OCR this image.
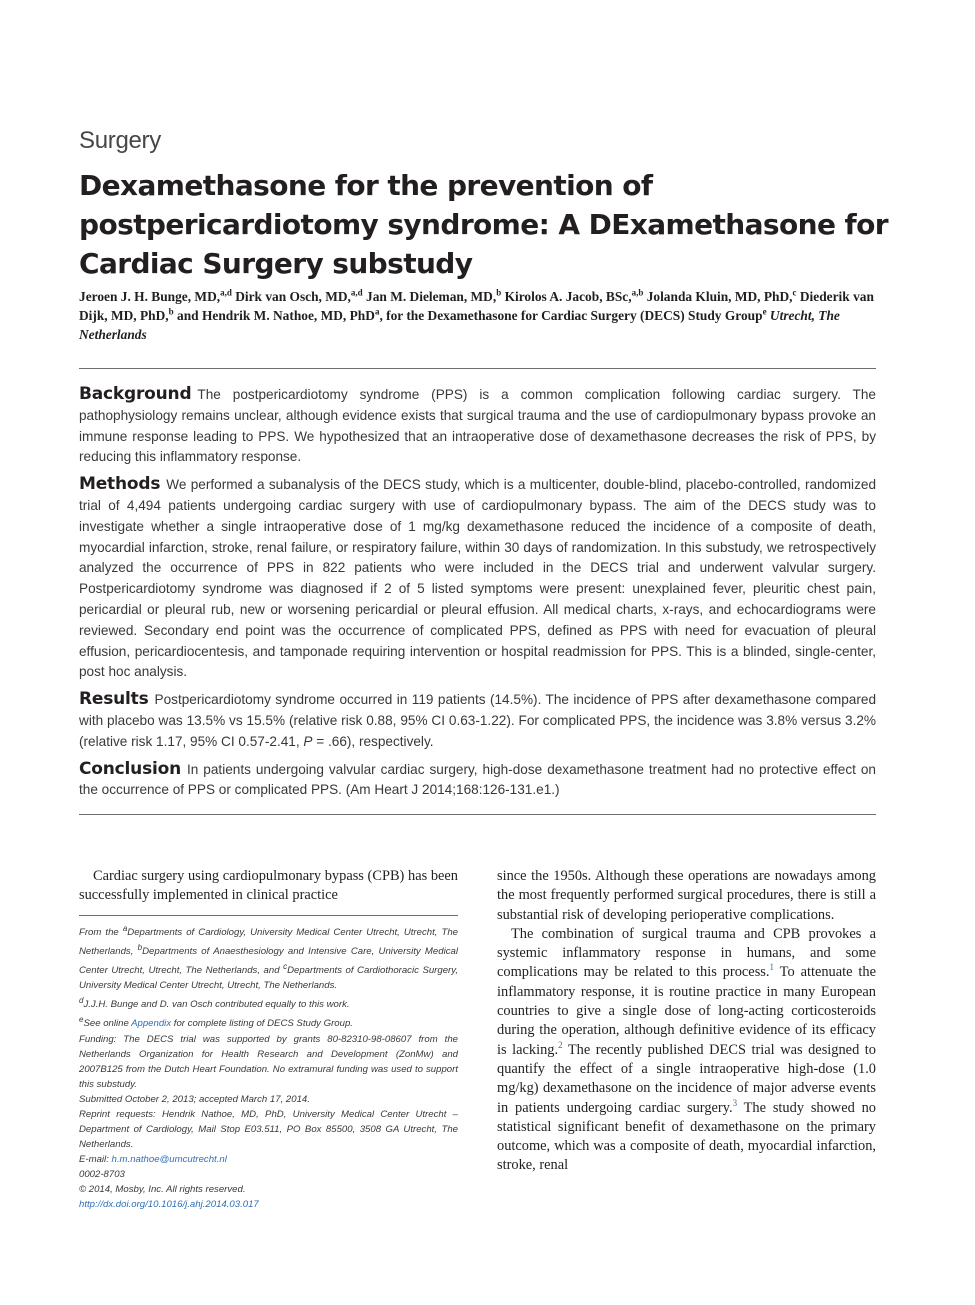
Surgery
Dexamethasone for the prevention of postpericardiotomy syndrome: A DExamethasone for Cardiac Surgery substudy
Jeroen J. H. Bunge, MD,$^{a,d}$ Dirk van Osch, MD,$^{a,d}$ Jan M. Dieleman, MD,$^b$ Kirolos A. Jacob, BSc,$^{a,b}$ Jolanda Kluin, MD, PhD,$^c$ Diederik van Dijk, MD, PhD,$^b$ and Hendrik M. Nathoe, MD, PhD$^a$, for the Dexamethasone for Cardiac Surgery (DECS) Study Group$^e$ Utrecht, The Netherlands

Background The postpericardiotomy syndrome (PPS) is a common complication following cardiac surgery. The pathophysiology remains unclear, although evidence exists that surgical trauma and the use of cardiopulmonary bypass provoke an immune response leading to PPS. We hypothesized that an intraoperative dose of dexamethasone decreases the risk of PPS, by reducing this inflammatory response.

Methods We performed a subanalysis of the DECS study, which is a multicenter, double-blind, placebo-controlled, randomized trial of 4,494 patients undergoing cardiac surgery with use of cardiopulmonary bypass. The aim of the DECS study was to investigate whether a single intraoperative dose of 1 mg/kg dexamethasone reduced the incidence of a composite of death, myocardial infarction, stroke, renal failure, or respiratory failure, within 30 days of randomization. In this substudy, we retrospectively analyzed the occurrence of PPS in 822 patients who were included in the DECS trial and underwent valvular surgery. Postpericardiotomy syndrome was diagnosed if 2 of 5 listed symptoms were present: unexplained fever, pleuritic chest pain, pericardial or pleural rub, new or worsening pericardial or pleural effusion. All medical charts, x-rays, and echocardiograms were reviewed. Secondary end point was the occurrence of complicated PPS, defined as PPS with need for evacuation of pleural effusion, pericardiocentesis, and tamponade requiring intervention or hospital readmission for PPS. This is a blinded, single-center, post hoc analysis.

Results Postpericardiotomy syndrome occurred in 119 patients (14.5%). The incidence of PPS after dexamethasone compared with placebo was 13.5% vs 15.5% (relative risk 0.88, 95% CI 0.63-1.22). For complicated PPS, the incidence was 3.8% versus 3.2% (relative risk 1.17, 95% CI 0.57-2.41, P = .66), respectively.

Conclusion In patients undergoing valvular cardiac surgery, high-dose dexamethasone treatment had no protective effect on the occurrence of PPS or complicated PPS. (Am Heart J 2014;168:126-131.e1.)

Cardiac surgery using cardiopulmonary bypass (CPB) has been successfully implemented in clinical practice

From the $^a$Departments of Cardiology, University Medical Center Utrecht, Utrecht, The Netherlands, $^b$Departments of Anaesthesiology and Intensive Care, University Medical Center Utrecht, Utrecht, The Netherlands, and $^c$Departments of Cardiothoracic Surgery, University Medical Center Utrecht, Utrecht, The Netherlands.

$^d$J.J.H. Bunge and D. van Osch contributed equally to this work.

$^e$See online Appendix for complete listing of DECS Study Group.

Funding: The DECS trial was supported by grants 80-82310-98-08607 from the Netherlands Organization for Health Research and Development (ZonMw) and 2007B125 from the Dutch Heart Foundation. No extramural funding was used to support this substudy.

Submitted October 2, 2013; accepted March 17, 2014.

Reprint requests: Hendrik Nathoe, MD, PhD, University Medical Center Utrecht – Department of Cardiology, Mail Stop E03.511, PO Box 85500, 3508 GA Utrecht, The Netherlands.

E-mail: h.m.nathoe@umcutrecht.nl

0002-8703

© 2014, Mosby, Inc. All rights reserved.

http://dx.doi.org/10.1016/j.ahj.2014.03.017

since the 1950s. Although these operations are nowadays among the most frequently performed surgical procedures, there is still a substantial risk of developing perioperative complications.

The combination of surgical trauma and CPB provokes a systemic inflammatory response in humans, and some complications may be related to this process.$^1$ To attenuate the inflammatory response, it is routine practice in many European countries to give a single dose of long-acting corticosteroids during the operation, although definitive evidence of its efficacy is lacking.$^2$ The recently published DECS trial was designed to quantify the effect of a single intraoperative high-dose (1.0 mg/kg) dexamethasone on the incidence of major adverse events in patients undergoing cardiac surgery.$^3$ The study showed no statistical significant benefit of dexamethasone on the primary outcome, which was a composite of death, myocardial infarction, stroke, renal
